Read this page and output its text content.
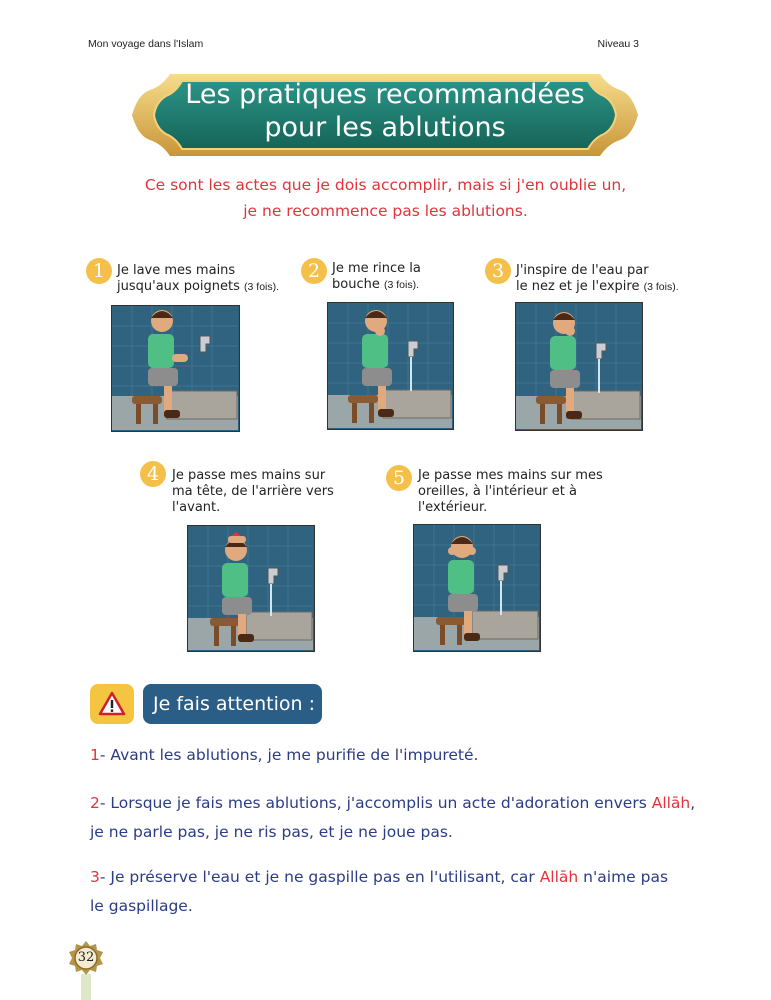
Mon voyage dans l'Islam	Niveau 3
Les pratiques recommandées
pour les ablutions
Ce sont les actes que je dois accomplir, mais si j'en oublie un,
je ne recommence pas les ablutions.
1 Je lave mes mains
jusqu'aux poignets (3 fois).
2 Je me rince la
bouche (3 fois).
3 J'inspire de l'eau par
le nez et je l'expire (3 fois).
4 Je passe mes mains sur
ma tête, de l'arrière vers
l'avant.
5 Je passe mes mains sur mes
oreilles, à l'intérieur et à
l'extérieur.
Je fais attention :
1- Avant les ablutions, je me purifie de l'impureté.
2- Lorsque je fais mes ablutions, j'accomplis un acte d'adoration envers Allāh,
je ne parle pas, je ne ris pas, et je ne joue pas.
3- Je préserve l'eau et je ne gaspille pas en l'utilisant, car Allāh n'aime pas
le gaspillage.
32
